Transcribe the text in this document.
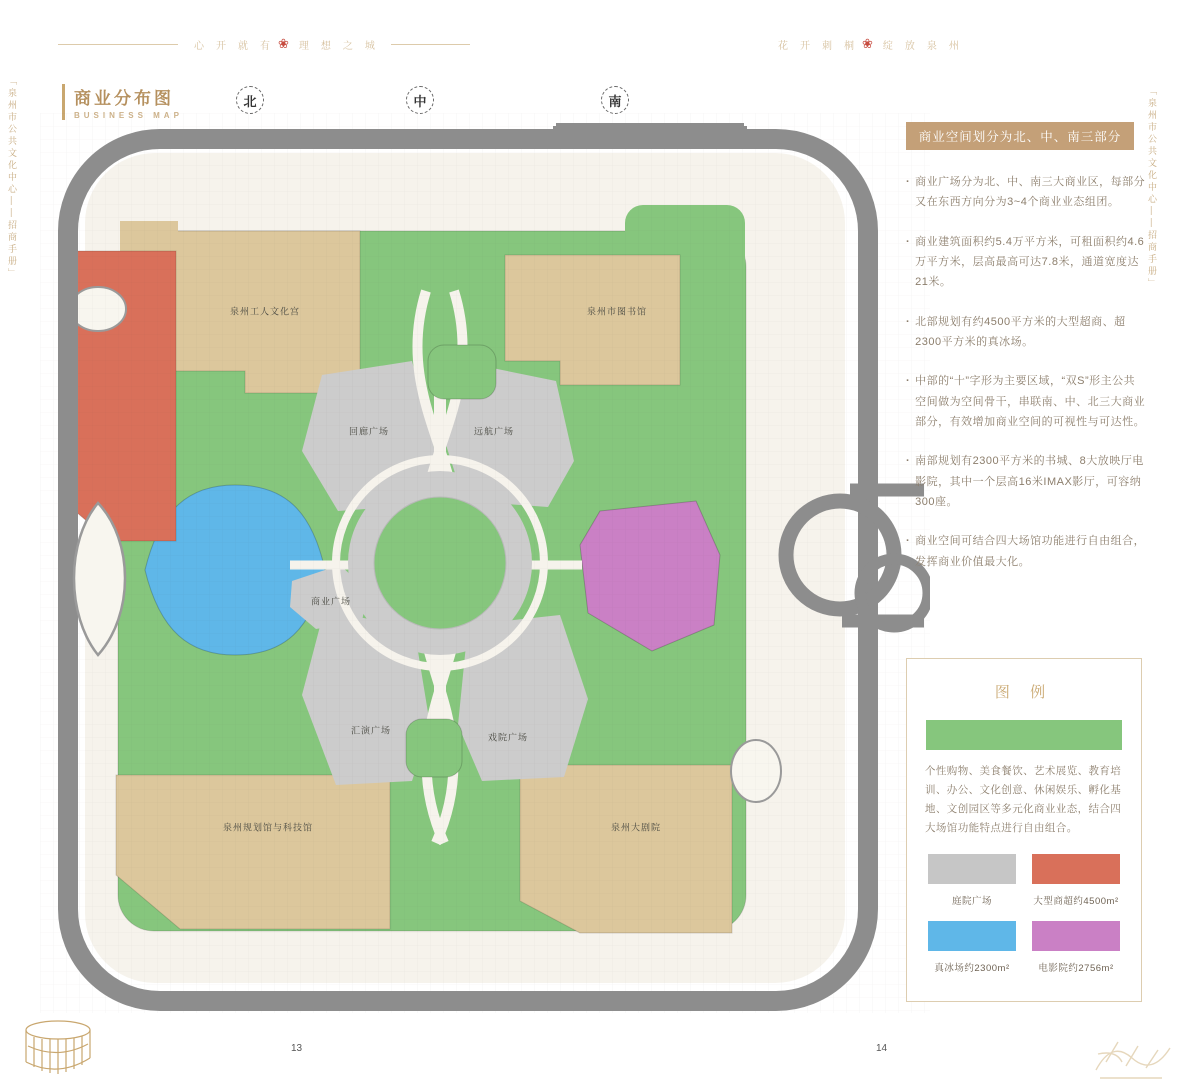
心开就有
❀ 理想之城	花开刺桐
❀ 绽放泉州
「泉州市公共文化中心——招商手册」	「泉州市公共文化中心——招商手册」
商业分布图	北	中	南
泉州工人文化宫	泉州市图书馆
泉州规划馆与科技馆	泉州大剧院
回廊广场	远航广场
商业广场
汇演广场
戏院广场
商业空间划分为北、中、南三部分
· 商业广场分为北、中、南三大商业区，每部分又在东西方向分为3~4个商业业态组团。
· 商业建筑面积约5.4万平方米，可租面积约4.6万平方米，层高最高可达7.8米，通道宽度达21米。
· 北部规划有约4500平方米的大型超商、超2300平方米的真冰场。
· 中部的“十”字形为主要区域，“双S”形主公共空间做为空间骨干，串联南、中、北三大商业部分，有效增加商业空间的可视性与可达性。
· 南部规划有2300平方米的书城、8大放映厅电影院，其中一个层高16米IMAX影厅，可容纳300座。
· 商业空间可结合四大场馆功能进行自由组合，发挥商业价值最大化。
图 例
个性购物、美食餐饮、艺术展览、教育培训、办公、文化创意、休闲娱乐、孵化基地、文创园区等多元化商业业态，结合四大场馆功能特点进行自由组合。
庭院广场	大型商超约4500m²
真冰场约2300m²	电影院约2756m²
13	14
